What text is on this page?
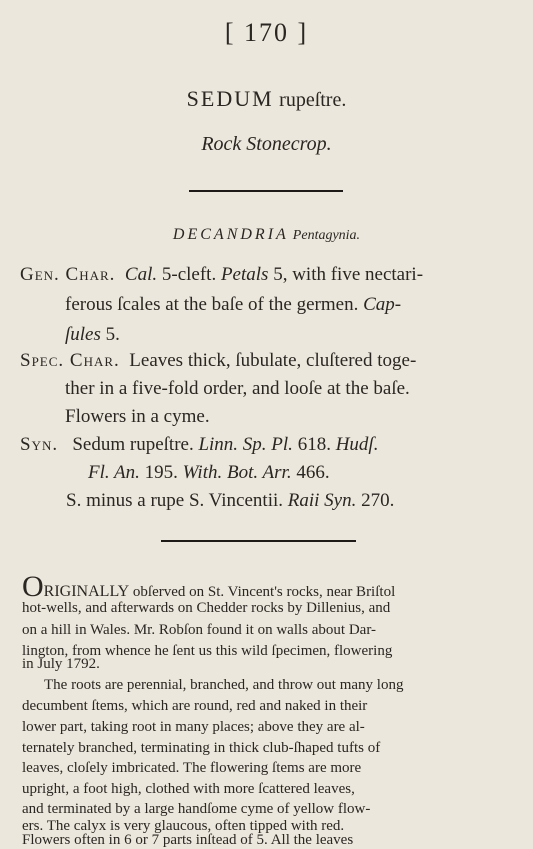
[ 170 ]
SEDUM rupeſtre.
Rock Stonecrop.
DECANDRIA Pentagynia.
Gen. Char. Cal. 5-cleft. Petals 5, with five nectari-
ferous ſcales at the baſe of the germen. Cap-
ſules 5.
Spec. Char. Leaves thick, ſubulate, cluſtered toge-
ther in a five-fold order, and looſe at the baſe.
Flowers in a cyme.
Syn. Sedum rupeſtre. Linn. Sp. Pl. 618. Hudſ.
Fl. An. 195. With. Bot. Arr. 466.
S. minus a rupe S. Vincentii. Raii Syn. 270.
ORIGINALLY obſerved on St. Vincent's rocks, near Briſtol
hot-wells, and afterwards on Chedder rocks by Dillenius, and
on a hill in Wales. Mr. Robſon found it on walls about Dar-
lington, from whence he ſent us this wild ſpecimen, flowering
in July 1792.
The roots are perennial, branched, and throw out many long
decumbent ſtems, which are round, red and naked in their
lower part, taking root in many places; above they are al-
ternately branched, terminating in thick club-ſhaped tufts of
leaves, cloſely imbricated. The flowering ſtems are more
upright, a foot high, clothed with more ſcattered leaves,
and terminated by a large handſome cyme of yellow flow-
ers. The calyx is very glaucous, often tipped with red.
Flowers often in 6 or 7 parts inſtead of 5. All the leaves
